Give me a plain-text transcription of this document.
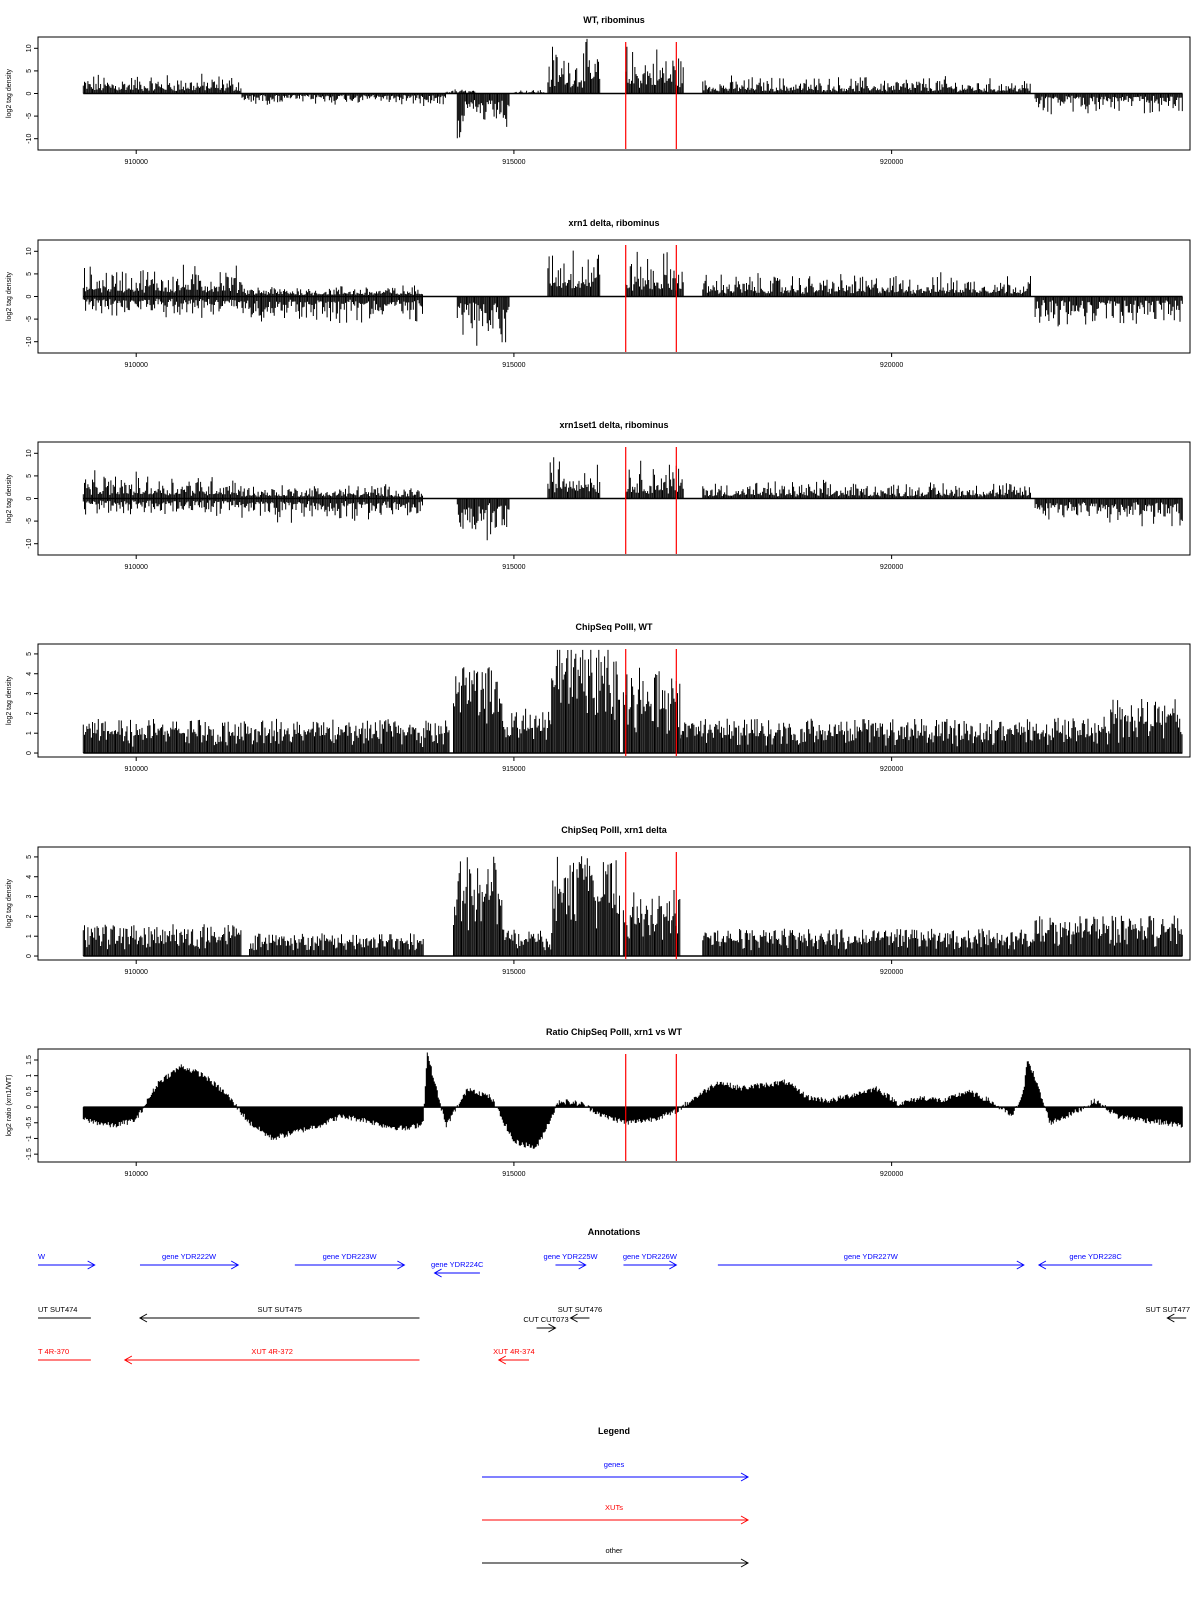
WT, ribominus
log2 tag density
-10
-5
0
5
10
910000	915000	920000
xrn1 delta, ribominus
log2 tag density
-10
-5
0
5
10
910000	915000	920000
xrn1set1 delta, ribominus
log2 tag density
-10
-5
0
5
10
910000	915000	920000
ChipSeq PolII, WT
log2 tag density
0
1
2
3
4
5
910000	915000	920000
ChipSeq PolII, xrn1 delta
log2 tag density
0
1
2
3
4
5
910000	915000	920000
Ratio ChipSeq PolII, xrn1 vs WT
log2 ratio (xrn1/WT)
-1.5
-1
-0.5
0
0.5
1
1.5
910000	915000	920000
Annotations
W	gene YDR222W	gene YDR223W
gene YDR224C
gene YDR225W	gene YDR226W	gene YDR227W	gene YDR228C
UT SUT474	SUT SUT475
CUT CUT073
SUT SUT476	SUT SUT477
T 4R-370	XUT 4R-372	XUT 4R-374
Legend
genes
XUTs
other
